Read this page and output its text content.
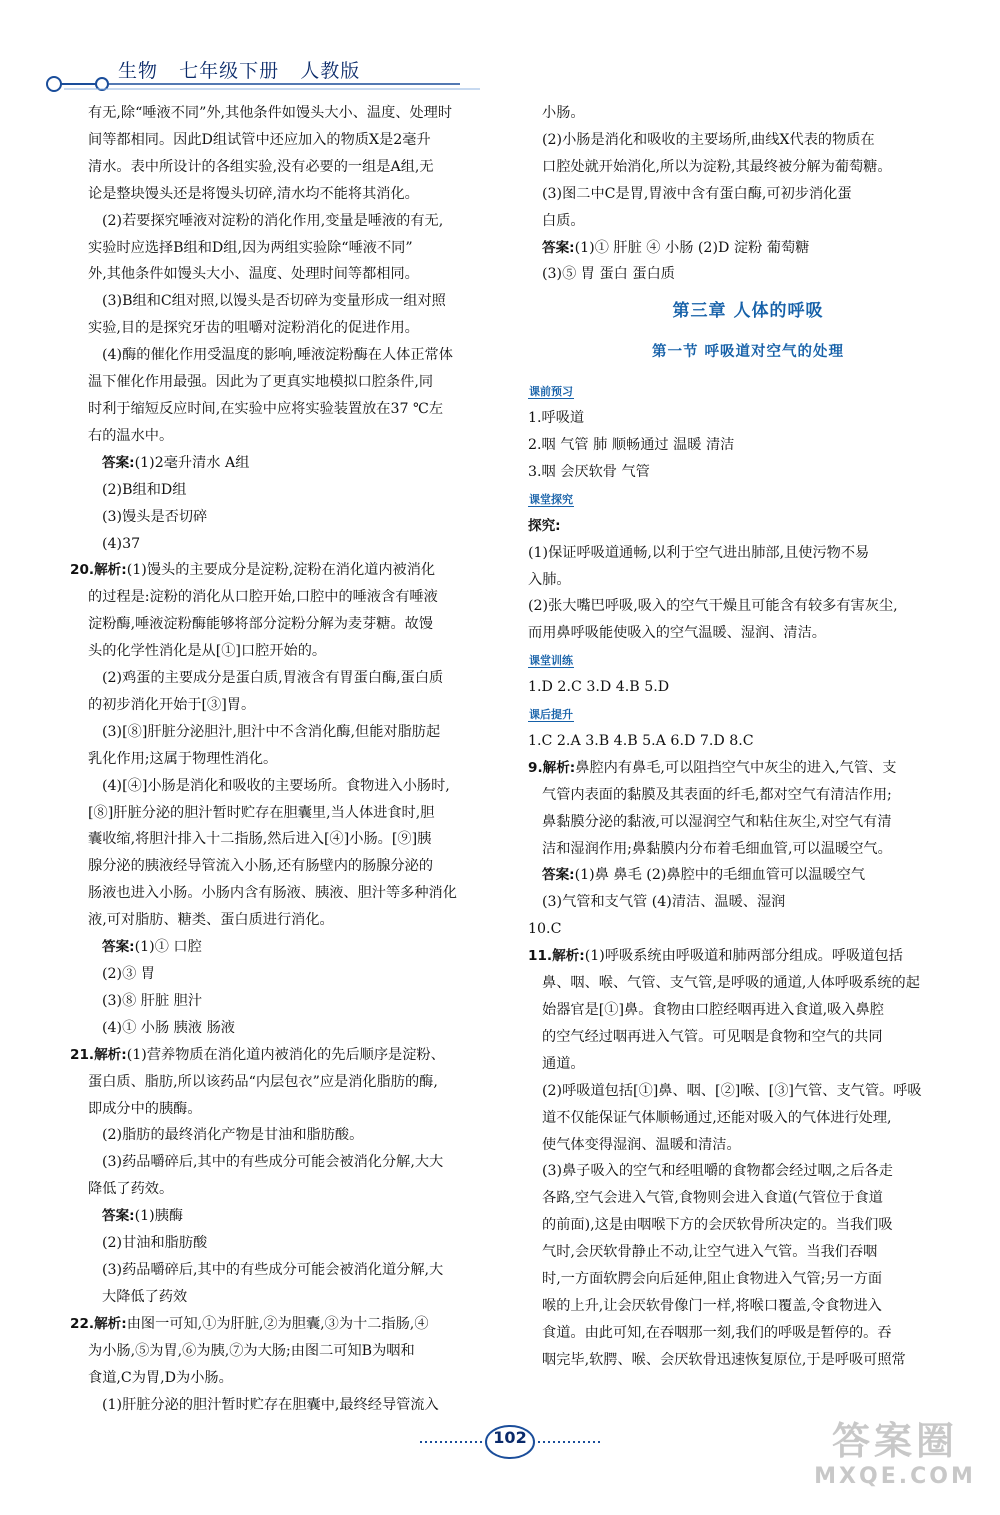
生物   七年级下册   人教版

有无,除“唾液不同”外,其他条件如馒头大小、温度、处理时

间等都相同。因此D组试管中还应加入的物质X是2毫升

清水。表中所设计的各组实验,没有必要的一组是A组,无

论是整块馒头还是将馒头切碎,清水均不能将其消化。

(2)若要探究唾液对淀粉的消化作用,变量是唾液的有无,

实验时应选择B组和D组,因为两组实验除“唾液不同”

外,其他条件如馒头大小、温度、处理时间等都相同。

(3)B组和C组对照,以馒头是否切碎为变量形成一组对照

实验,目的是探究牙齿的咀嚼对淀粉消化的促进作用。

(4)酶的催化作用受温度的影响,唾液淀粉酶在人体正常体

温下催化作用最强。因此为了更真实地模拟口腔条件,同

时利于缩短反应时间,在实验中应将实验装置放在37 ℃左

右的温水中。

答案:(1)2毫升清水 A组

(2)B组和D组

(3)馒头是否切碎

(4)37

20.解析:(1)馒头的主要成分是淀粉,淀粉在消化道内被消化

的过程是:淀粉的消化从口腔开始,口腔中的唾液含有唾液

淀粉酶,唾液淀粉酶能够将部分淀粉分解为麦芽糖。故馒

头的化学性消化是从[①]口腔开始的。

(2)鸡蛋的主要成分是蛋白质,胃液含有胃蛋白酶,蛋白质

的初步消化开始于[③]胃。

(3)[⑧]肝脏分泌胆汁,胆汁中不含消化酶,但能对脂肪起

乳化作用;这属于物理性消化。

(4)[④]小肠是消化和吸收的主要场所。食物进入小肠时,

[⑧]肝脏分泌的胆汁暂时贮存在胆囊里,当人体进食时,胆

囊收缩,将胆汁排入十二指肠,然后进入[④]小肠。[⑨]胰

腺分泌的胰液经导管流入小肠,还有肠壁内的肠腺分泌的

肠液也进入小肠。小肠内含有肠液、胰液、胆汁等多种消化

液,可对脂肪、糖类、蛋白质进行消化。

答案:(1)① 口腔

(2)③ 胃

(3)⑧ 肝脏 胆汁

(4)① 小肠 胰液 肠液

21.解析:(1)营养物质在消化道内被消化的先后顺序是淀粉、

蛋白质、脂肪,所以该药品“内层包衣”应是消化脂肪的酶,

即成分中的胰酶。

(2)脂肪的最终消化产物是甘油和脂肪酸。

(3)药品嚼碎后,其中的有些成分可能会被消化分解,大大

降低了药效。

答案:(1)胰酶

(2)甘油和脂肪酸

(3)药品嚼碎后,其中的有些成分可能会被消化道分解,大

大降低了药效

22.解析:由图一可知,①为肝脏,②为胆囊,③为十二指肠,④

为小肠,⑤为胃,⑥为胰,⑦为大肠;由图二可知B为咽和

食道,C为胃,D为小肠。

(1)肝脏分泌的胆汁暂时贮存在胆囊中,最终经导管流入

小肠。

(2)小肠是消化和吸收的主要场所,曲线X代表的物质在

口腔处就开始消化,所以为淀粉,其最终被分解为葡萄糖。

(3)图二中C是胃,胃液中含有蛋白酶,可初步消化蛋

白质。

答案:(1)① 肝脏 ④ 小肠 (2)D 淀粉 葡萄糖

(3)⑤ 胃 蛋白 蛋白质

第三章 人体的呼吸
第一节 呼吸道对空气的处理
课前预习

1.呼吸道

2.咽 气管 肺 顺畅通过 温暖 清洁

3.咽 会厌软骨 气管

课堂探究

探究:

(1)保证呼吸道通畅,以利于空气进出肺部,且使污物不易

入肺。

(2)张大嘴巴呼吸,吸入的空气干燥且可能含有较多有害灰尘,

而用鼻呼吸能使吸入的空气温暖、湿润、清洁。

课堂训练

1.D 2.C 3.D 4.B 5.D

课后提升

1.C 2.A 3.B 4.B 5.A 6.D 7.D 8.C

9.解析:鼻腔内有鼻毛,可以阻挡空气中灰尘的进入,气管、支

气管内表面的黏膜及其表面的纤毛,都对空气有清洁作用;

鼻黏膜分泌的黏液,可以湿润空气和粘住灰尘,对空气有清

洁和湿润作用;鼻黏膜内分布着毛细血管,可以温暖空气。

答案:(1)鼻 鼻毛 (2)鼻腔中的毛细血管可以温暖空气

(3)气管和支气管 (4)清洁、温暖、湿润

10.C

11.解析:(1)呼吸系统由呼吸道和肺两部分组成。呼吸道包括

鼻、咽、喉、气管、支气管,是呼吸的通道,人体呼吸系统的起

始器官是[①]鼻。食物由口腔经咽再进入食道,吸入鼻腔

的空气经过咽再进入气管。可见咽是食物和空气的共同

通道。

(2)呼吸道包括[①]鼻、咽、[②]喉、[③]气管、支气管。呼吸

道不仅能保证气体顺畅通过,还能对吸入的气体进行处理,

使气体变得湿润、温暖和清洁。

(3)鼻子吸入的空气和经咀嚼的食物都会经过咽,之后各走

各路,空气会进入气管,食物则会进入食道(气管位于食道

的前面),这是由咽喉下方的会厌软骨所决定的。当我们吸

气时,会厌软骨静止不动,让空气进入气管。当我们吞咽

时,一方面软腭会向后延伸,阻止食物进入气管;另一方面

喉的上升,让会厌软骨像门一样,将喉口覆盖,令食物进入

食道。由此可知,在吞咽那一刻,我们的呼吸是暂停的。吞

咽完毕,软腭、喉、会厌软骨迅速恢复原位,于是呼吸可照常

102	答案圈
MXQE.COM
